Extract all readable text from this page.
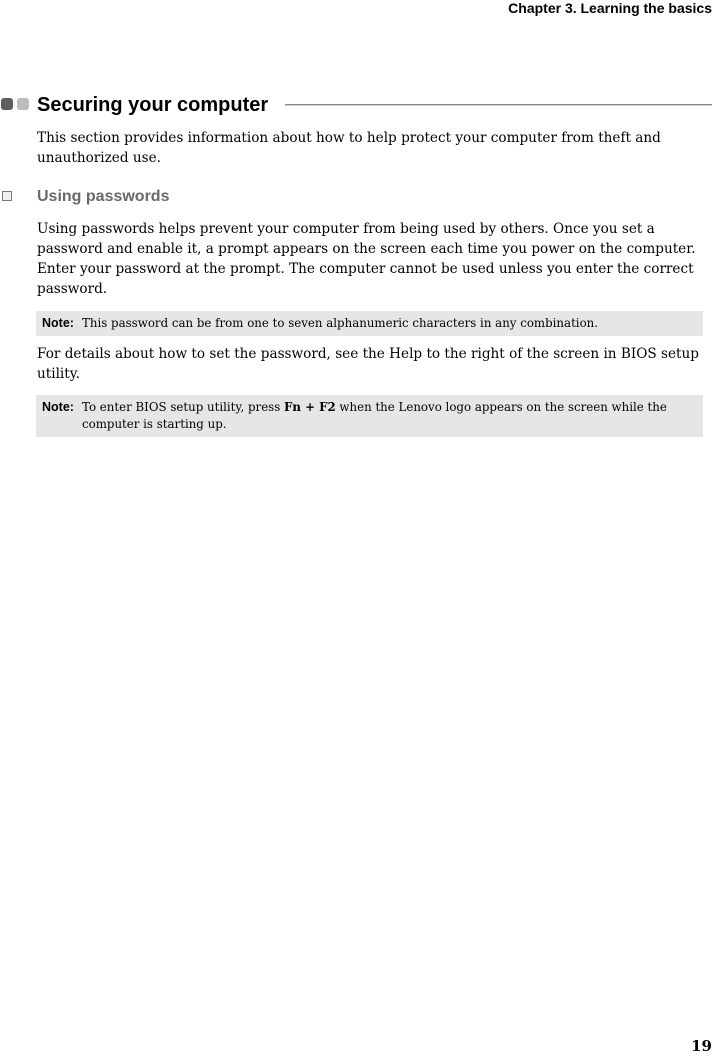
Chapter 3. Learning the basics
Securing your computer

This section provides information about how to help protect your computer from theft and unauthorized use.

Using passwords

Using passwords helps prevent your computer from being used by others. Once you set a password and enable it, a prompt appears on the screen each time you power on the computer. Enter your password at the prompt. The computer cannot be used unless you enter the correct password.

Note: This password can be from one to seven alphanumeric characters in any combination.

For details about how to set the password, see the Help to the right of the screen in BIOS setup utility.

Note: To enter BIOS setup utility, press Fn + F2 when the Lenovo logo appears on the screen while the computer is starting up.
19
